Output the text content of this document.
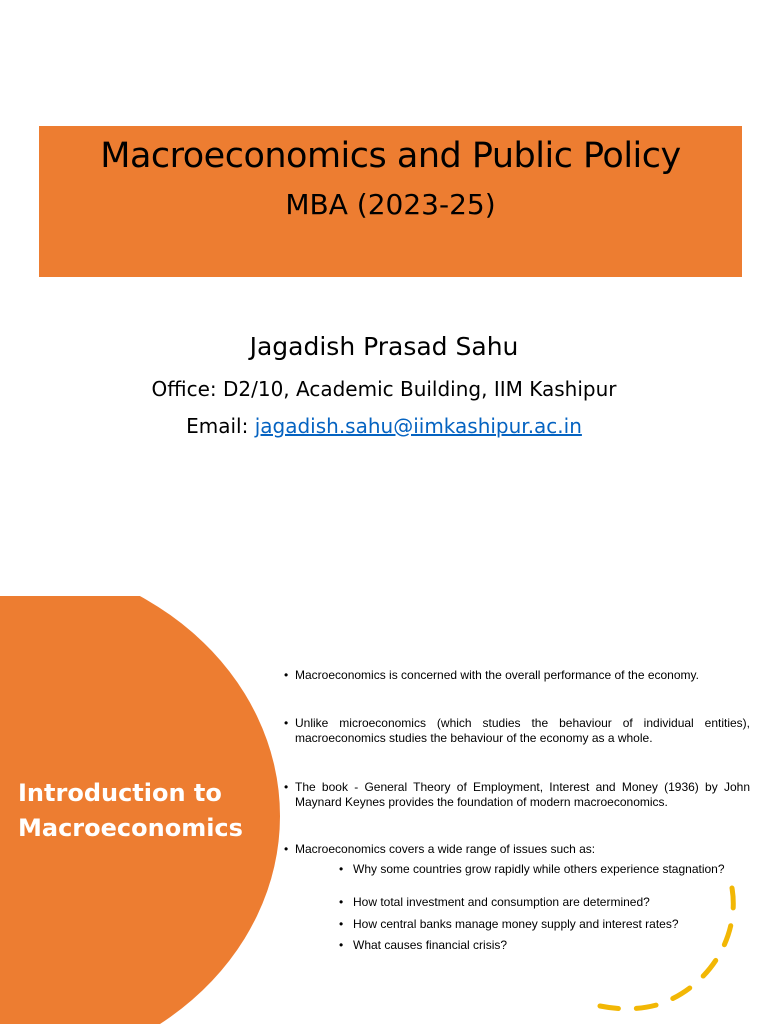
Macroeconomics and Public Policy
MBA (2023-25)
Jagadish Prasad Sahu
Office: D2/10, Academic Building, IIM Kashipur
Email: jagadish.sahu@iimkashipur.ac.in
Introduction to
Macroeconomics
• Macroeconomics is concerned with the overall performance of the economy.
• Unlike microeconomics (which studies the behaviour of individual entities), macroeconomics studies the behaviour of the economy as a whole.
• The book - General Theory of Employment, Interest and Money (1936) by John Maynard Keynes provides the foundation of modern macroeconomics.
• Macroeconomics covers a wide range of issues such as:
• Why some countries grow rapidly while others experience stagnation?
• How total investment and consumption are determined?
• How central banks manage money supply and interest rates?
• What causes financial crisis?
